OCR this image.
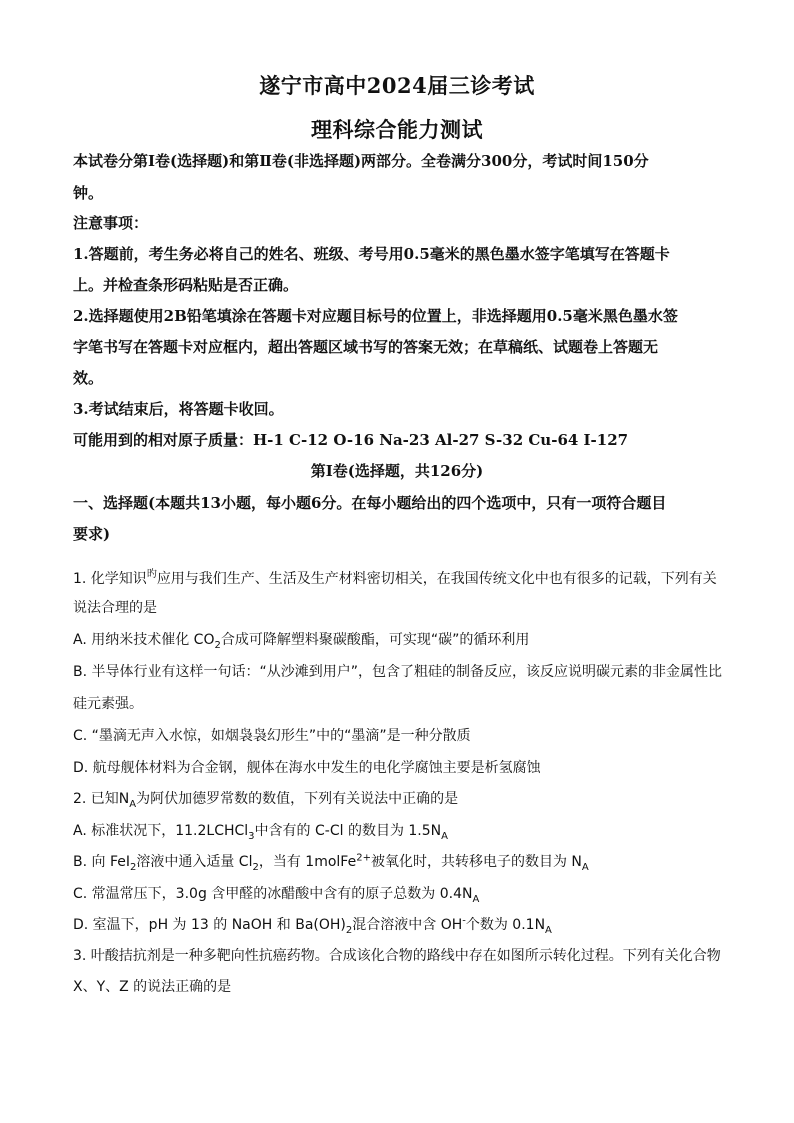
遂宁市高中2024届三诊考试
理科综合能力测试
本试卷分第Ⅰ卷(选择题)和第Ⅱ卷(非选择题)两部分。全卷满分300分，考试时间150分
钟。
注意事项：
1.答题前，考生务必将自己的姓名、班级、考号用0.5毫米的黑色墨水签字笔填写在答题卡
上。并检查条形码粘贴是否正确。
2.选择题使用2B铅笔填涂在答题卡对应题目标号的位置上，非选择题用0.5毫米黑色墨水签
字笔书写在答题卡对应框内，超出答题区域书写的答案无效；在草稿纸、试题卷上答题无
效。
3.考试结束后，将答题卡收回。
可能用到的相对原子质量：H-1 C-12 O-16 Na-23 Al-27 S-32 Cu-64 I-127
第Ⅰ卷(选择题，共126分)
一、选择题(本题共13小题，每小题6分。在每小题给出的四个选项中，只有一项符合题目
要求)
1. 化学知识$^旳$应用与我们生产、生活及生产材料密切相关，在我国传统文化中也有很多的记载，下列有关
说法合理的是
A. 用纳米技术催化 $CO_2$合成可降解塑料聚碳酸酯，可实现“碳”的循环利用
B. 半导体行业有这样一句话：“从沙滩到用户”，包含了粗硅的制备反应，该反应说明碳元素的非金属性比
硅元素强。
C. “墨滴无声入水惊，如烟袅袅幻形生”中的“墨滴”是一种分散质
D. 航母舰体材料为合金钢，舰体在海水中发生的电化学腐蚀主要是析氢腐蚀
2. 已知$N_A$为阿伏加德罗常数的数值，下列有关说法中正确的是
A. 标准状况下，11.2LCHCl$_3$中含有的 C-Cl 的数目为 $1.5N_A$
B. 向 FeI$_2$溶液中通入适量 $Cl_2$，当有 1molFe$^{2+}$被氧化时，共转移电子的数目为 $N_A$
C. 常温常压下，3.0g 含甲醛的冰醋酸中含有的原子总数为 $0.4N_A$
D. 室温下，pH 为 13 的 NaOH 和 $Ba(OH)_2$混合溶液中含 OH-个数为 $0.1N_A$
3. 叶酸拮抗剂是一种多靶向性抗癌药物。合成该化合物的路线中存在如图所示转化过程。下列有关化合物
X、Y、Z 的说法正确的是
